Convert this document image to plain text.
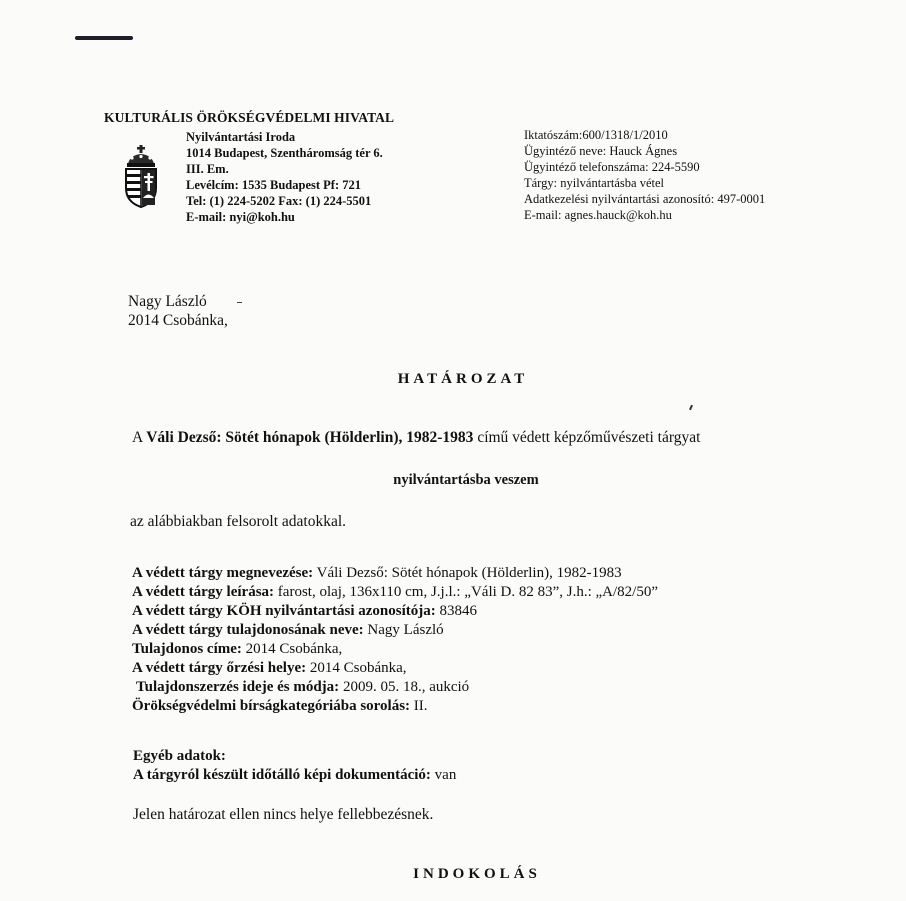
KULTURÁLIS ÖRÖKSÉGVÉDELMI HIVATAL
Nyilvántartási Iroda
1014 Budapest, Szentháromság tér 6.
III. Em.
Levélcím: 1535 Budapest Pf: 721
Tel: (1) 224-5202 Fax: (1) 224-5501
E-mail: nyi@koh.hu
Iktatószám:600/1318/1/2010
Ügyintéző neve: Hauck Ágnes
Ügyintéző telefonszáma: 224-5590
Tárgy: nyilvántartásba vétel
Adatkezelési nyilvántartási azonosító: 497-0001
E-mail: agnes.hauck@koh.hu
Nagy László
2014 Csobánka,
HATÁROZAT
A Váli Dezső: Sötét hónapok (Hölderlin), 1982-1983 című védett képzőművészeti tárgyat
nyilvántartásba veszem
az alábbiakban felsorolt adatokkal.
A védett tárgy megnevezése: Váli Dezső: Sötét hónapok (Hölderlin), 1982-1983
A védett tárgy leírása: farost, olaj, 136x110 cm, J.j.l.: „Váli D. 82 83”, J.h.: „A/82/50”
A védett tárgy KÖH nyilvántartási azonosítója: 83846
A védett tárgy tulajdonosának neve: Nagy László
Tulajdonos címe: 2014 Csobánka,
A védett tárgy őrzési helye: 2014 Csobánka,
Tulajdonszerzés ideje és módja: 2009. 05. 18., aukció
Örökségvédelmi bírságkategóriába sorolás: II.
Egyéb adatok:
A tárgyról készült időtálló képi dokumentáció: van
Jelen határozat ellen nincs helye fellebbezésnek.
INDOKOLÁS
